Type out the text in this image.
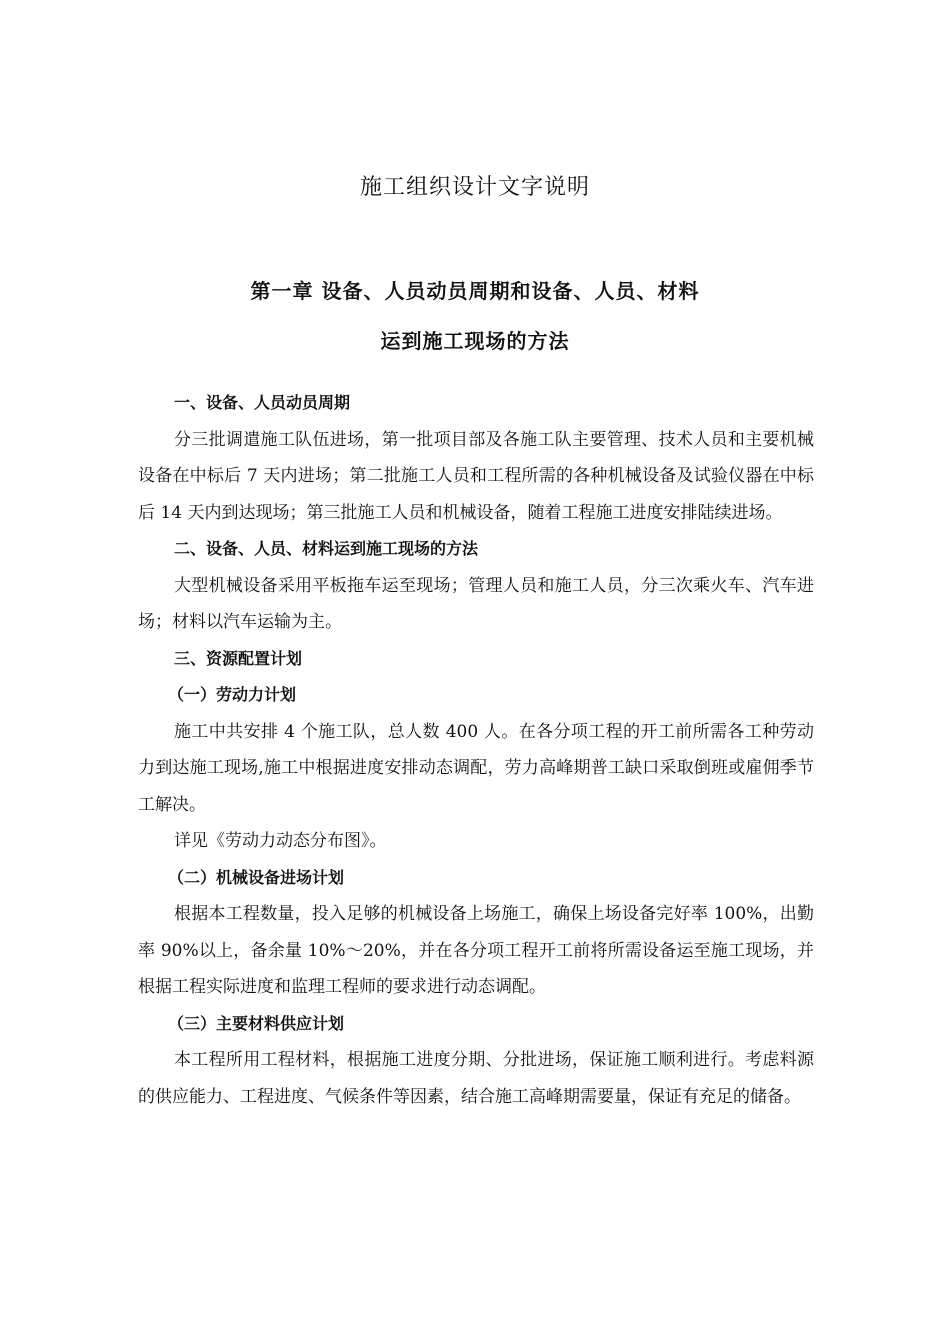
施工组织设计文字说明
第一章 设备、人员动员周期和设备、人员、材料
运到施工现场的方法
一、设备、人员动员周期
分三批调遣施工队伍进场，第一批项目部及各施工队主要管理、技术人员和主要机械设备在中标后 7 天内进场；第二批施工人员和工程所需的各种机械设备及试验仪器在中标后 14 天内到达现场；第三批施工人员和机械设备，随着工程施工进度安排陆续进场。
二、设备、人员、材料运到施工现场的方法
大型机械设备采用平板拖车运至现场；管理人员和施工人员，分三次乘火车、汽车进场；材料以汽车运输为主。
三、资源配置计划
（一）劳动力计划
施工中共安排 4 个施工队，总人数 400 人。在各分项工程的开工前所需各工种劳动力到达施工现场,施工中根据进度安排动态调配，劳力高峰期普工缺口采取倒班或雇佣季节工解决。
详见《劳动力动态分布图》。
（二）机械设备进场计划
根据本工程数量，投入足够的机械设备上场施工，确保上场设备完好率 100%，出勤率 90%以上，备余量 10%～20%，并在各分项工程开工前将所需设备运至施工现场，并根据工程实际进度和监理工程师的要求进行动态调配。
（三）主要材料供应计划
本工程所用工程材料，根据施工进度分期、分批进场，保证施工顺利进行。考虑料源的供应能力、工程进度、气候条件等因素，结合施工高峰期需要量，保证有充足的储备。
